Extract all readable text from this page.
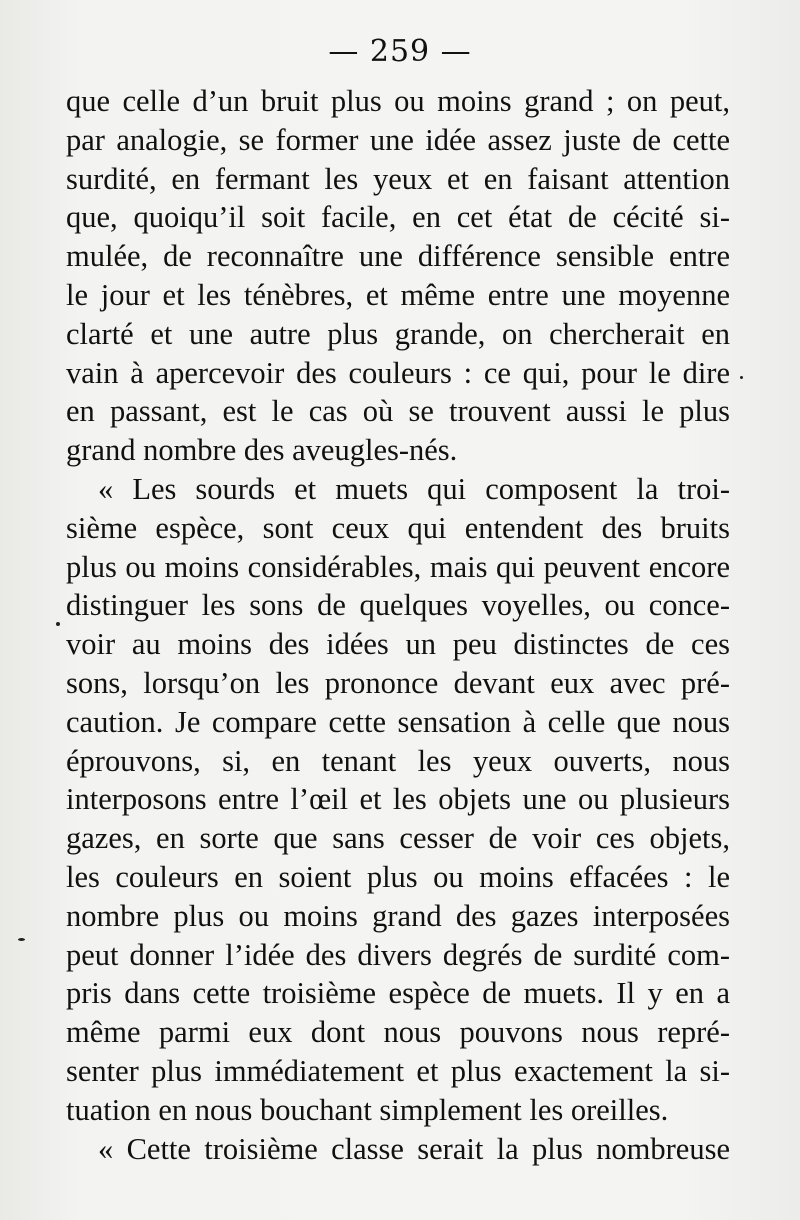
— 259 —
que celle d’un bruit plus ou moins grand ; on peut,
par analogie, se former une idée assez juste de cette
surdité, en fermant les yeux et en faisant attention
que, quoiqu’il soit facile, en cet état de cécité si-
mulée, de reconnaître une différence sensible entre
le jour et les ténèbres, et même entre une moyenne
clarté et une autre plus grande, on chercherait en
vain à apercevoir des couleurs : ce qui, pour le dire
en passant, est le cas où se trouvent aussi le plus
grand nombre des aveugles-nés.
« Les sourds et muets qui composent la troi-
sième espèce, sont ceux qui entendent des bruits
plus ou moins considérables, mais qui peuvent encore
distinguer les sons de quelques voyelles, ou conce-
voir au moins des idées un peu distinctes de ces
sons, lorsqu’on les prononce devant eux avec pré-
caution. Je compare cette sensation à celle que nous
éprouvons, si, en tenant les yeux ouverts, nous
interposons entre l’œil et les objets une ou plusieurs
gazes, en sorte que sans cesser de voir ces objets,
les couleurs en soient plus ou moins effacées : le
nombre plus ou moins grand des gazes interposées
peut donner l’idée des divers degrés de surdité com-
pris dans cette troisième espèce de muets. Il y en a
même parmi eux dont nous pouvons nous repré-
senter plus immédiatement et plus exactement la si-
tuation en nous bouchant simplement les oreilles.
« Cette troisième classe serait la plus nombreuse
